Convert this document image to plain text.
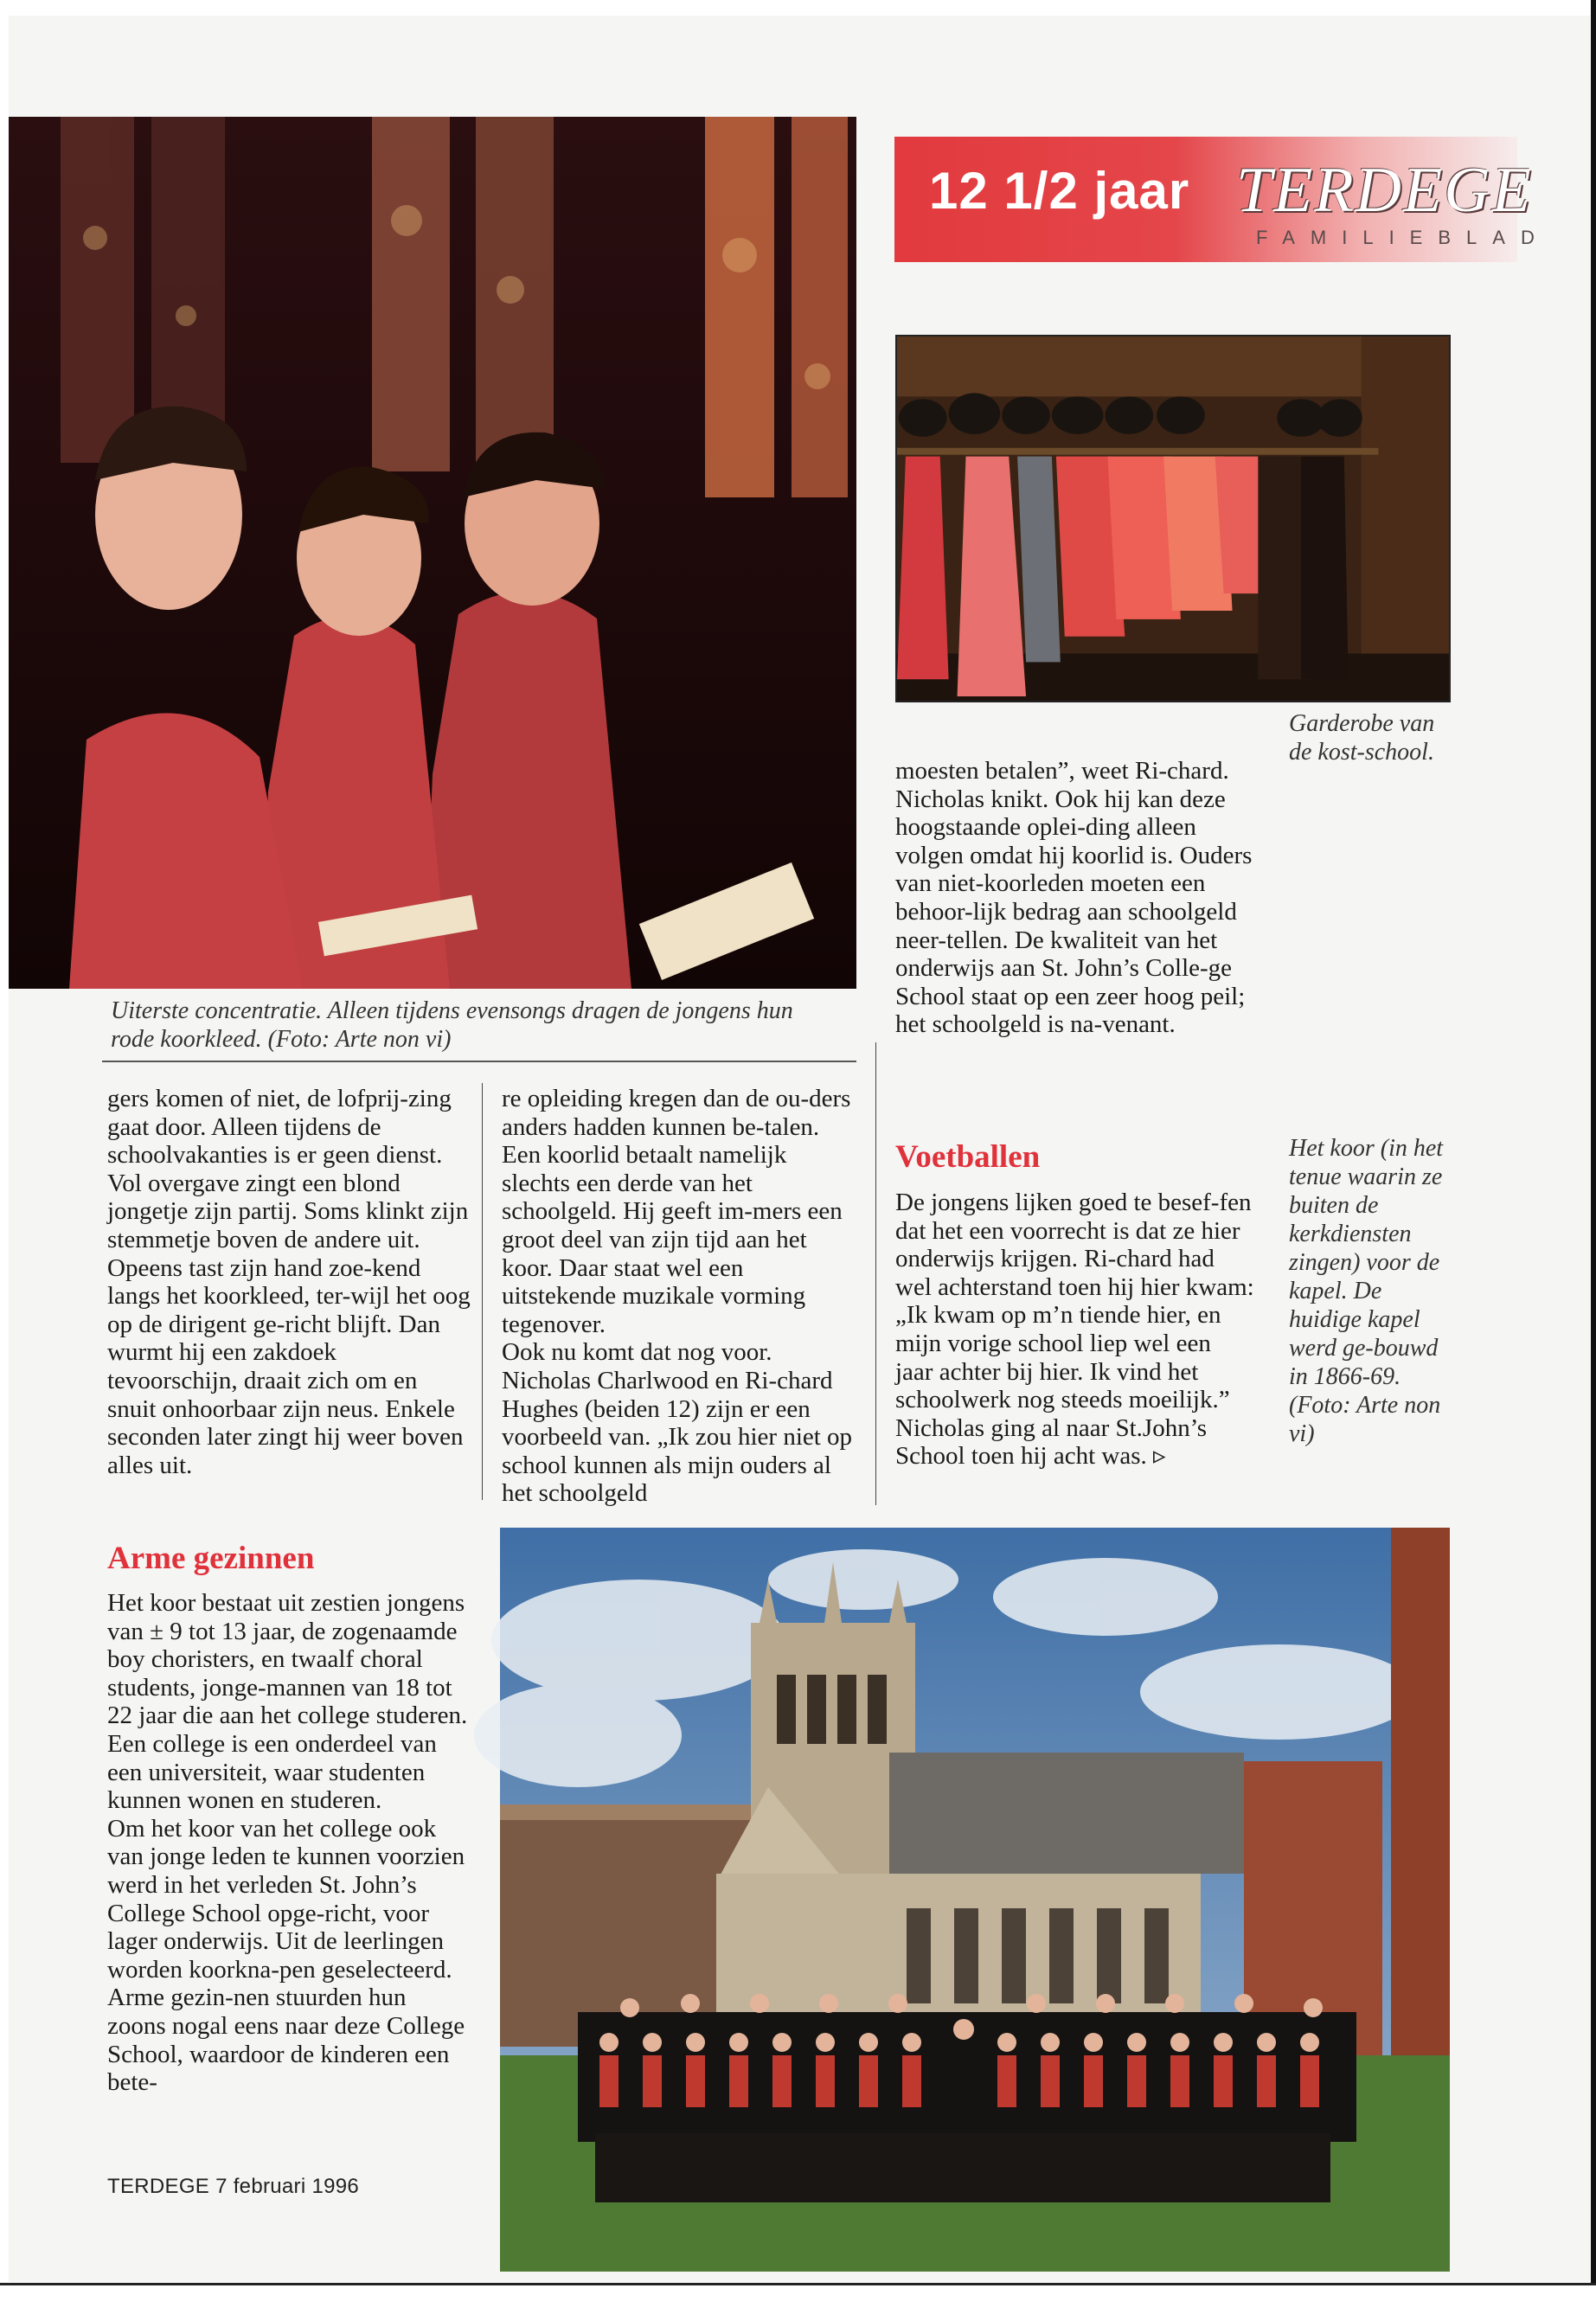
Uiterste concentratie. Alleen tijdens evensongs dragen de jongens hun rode koorkleed. (Foto: Arte non vi)

12 1/2 jaar TERDEGE
FAMILIEBLAD

Garderobe van de kost-school.

gers komen of niet, de lofprij-zing gaat door. Alleen tijdens de schoolvakanties is er geen dienst.

Vol overgave zingt een blond jongetje zijn partij. Soms klinkt zijn stemmetje boven de andere uit. Opeens tast zijn hand zoe-kend langs het koorkleed, ter-wijl het oog op de dirigent ge-richt blijft. Dan wurmt hij een zakdoek tevoorschijn, draait zich om en snuit onhoorbaar zijn neus. Enkele seconden later zingt hij weer boven alles uit.

re opleiding kregen dan de ou-ders anders hadden kunnen be-talen. Een koorlid betaalt namelijk slechts een derde van het schoolgeld. Hij geeft im-mers een groot deel van zijn tijd aan het koor. Daar staat wel een uitstekende muzikale vorming tegenover.

Ook nu komt dat nog voor. Nicholas Charlwood en Ri-chard Hughes (beiden 12) zijn er een voorbeeld van. „Ik zou hier niet op school kunnen als mijn ouders al het schoolgeld

moesten betalen”, weet Ri-chard. Nicholas knikt. Ook hij kan deze hoogstaande oplei-ding alleen volgen omdat hij koorlid is. Ouders van niet-koorleden moeten een behoor-lijk bedrag aan schoolgeld neer-tellen. De kwaliteit van het onderwijs aan St. John’s Colle-ge School staat op een zeer hoog peil; het schoolgeld is na-venant.

Voetballen

De jongens lijken goed te besef-fen dat het een voorrecht is dat ze hier onderwijs krijgen. Ri-chard had wel achterstand toen hij hier kwam: „Ik kwam op m’n tiende hier, en mijn vorige school liep wel een jaar achter bij hier. Ik vind het schoolwerk nog steeds moeilijk.” Nicholas ging al naar St.John’s School toen hij acht was. ▹

Het koor (in het tenue waarin ze buiten de kerkdiensten zingen) voor de kapel. De huidige kapel werd ge-bouwd in 1866-69. (Foto: Arte non vi)

Arme gezinnen

Het koor bestaat uit zestien jongens van ± 9 tot 13 jaar, de zogenaamde boy choristers, en twaalf choral students, jonge-mannen van 18 tot 22 jaar die aan het college studeren. Een college is een onderdeel van een universiteit, waar studenten kunnen wonen en studeren.

Om het koor van het college ook van jonge leden te kunnen voorzien werd in het verleden St. John’s College School opge-richt, voor lager onderwijs. Uit de leerlingen worden koorkna-pen geselecteerd. Arme gezin-nen stuurden hun zoons nogal eens naar deze College School, waardoor de kinderen een bete-

TERDEGE 7 februari 1996
